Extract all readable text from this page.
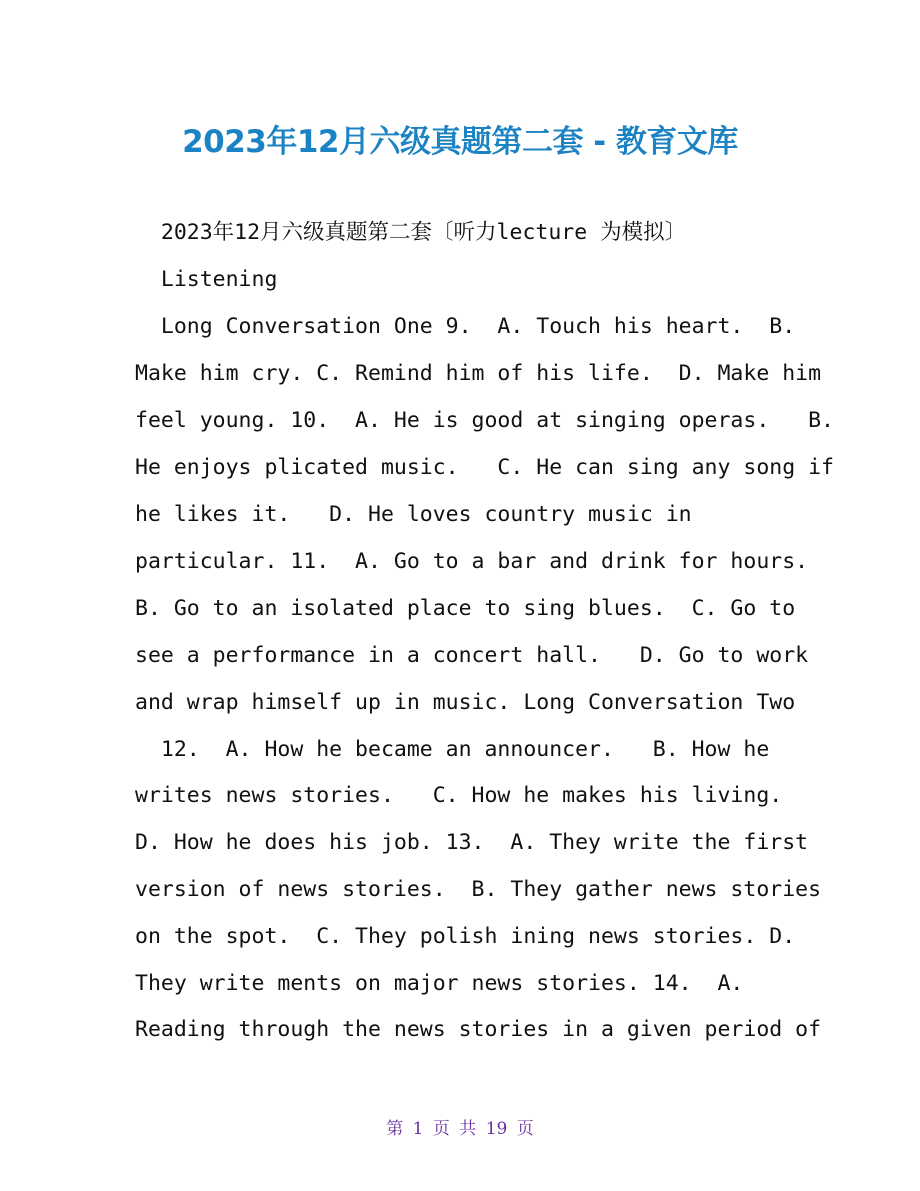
2023年12月六级真题第二套 - 教育文库
2023年12月六级真题第二套〔听力lecture 为模拟〕
Listening
Long Conversation One 9.  A. Touch his heart.  B.
Make him cry. C. Remind him of his life.  D. Make him
feel young. 10.  A. He is good at singing operas.   B.
He enjoys plicated music.   C. He can sing any song if
he likes it.   D. He loves country music in
particular. 11.  A. Go to a bar and drink for hours.
B. Go to an isolated place to sing blues.  C. Go to
see a performance in a concert hall.   D. Go to work
and wrap himself up in music. Long Conversation Two
12.  A. How he became an announcer.   B. How he
writes news stories.   C. How he makes his living.
D. How he does his job. 13.  A. They write the first
version of news stories.  B. They gather news stories
on the spot.  C. They polish ining news stories. D.
They write ments on major news stories. 14.  A.
Reading through the news stories in a given period of
第 1 页 共 19 页
